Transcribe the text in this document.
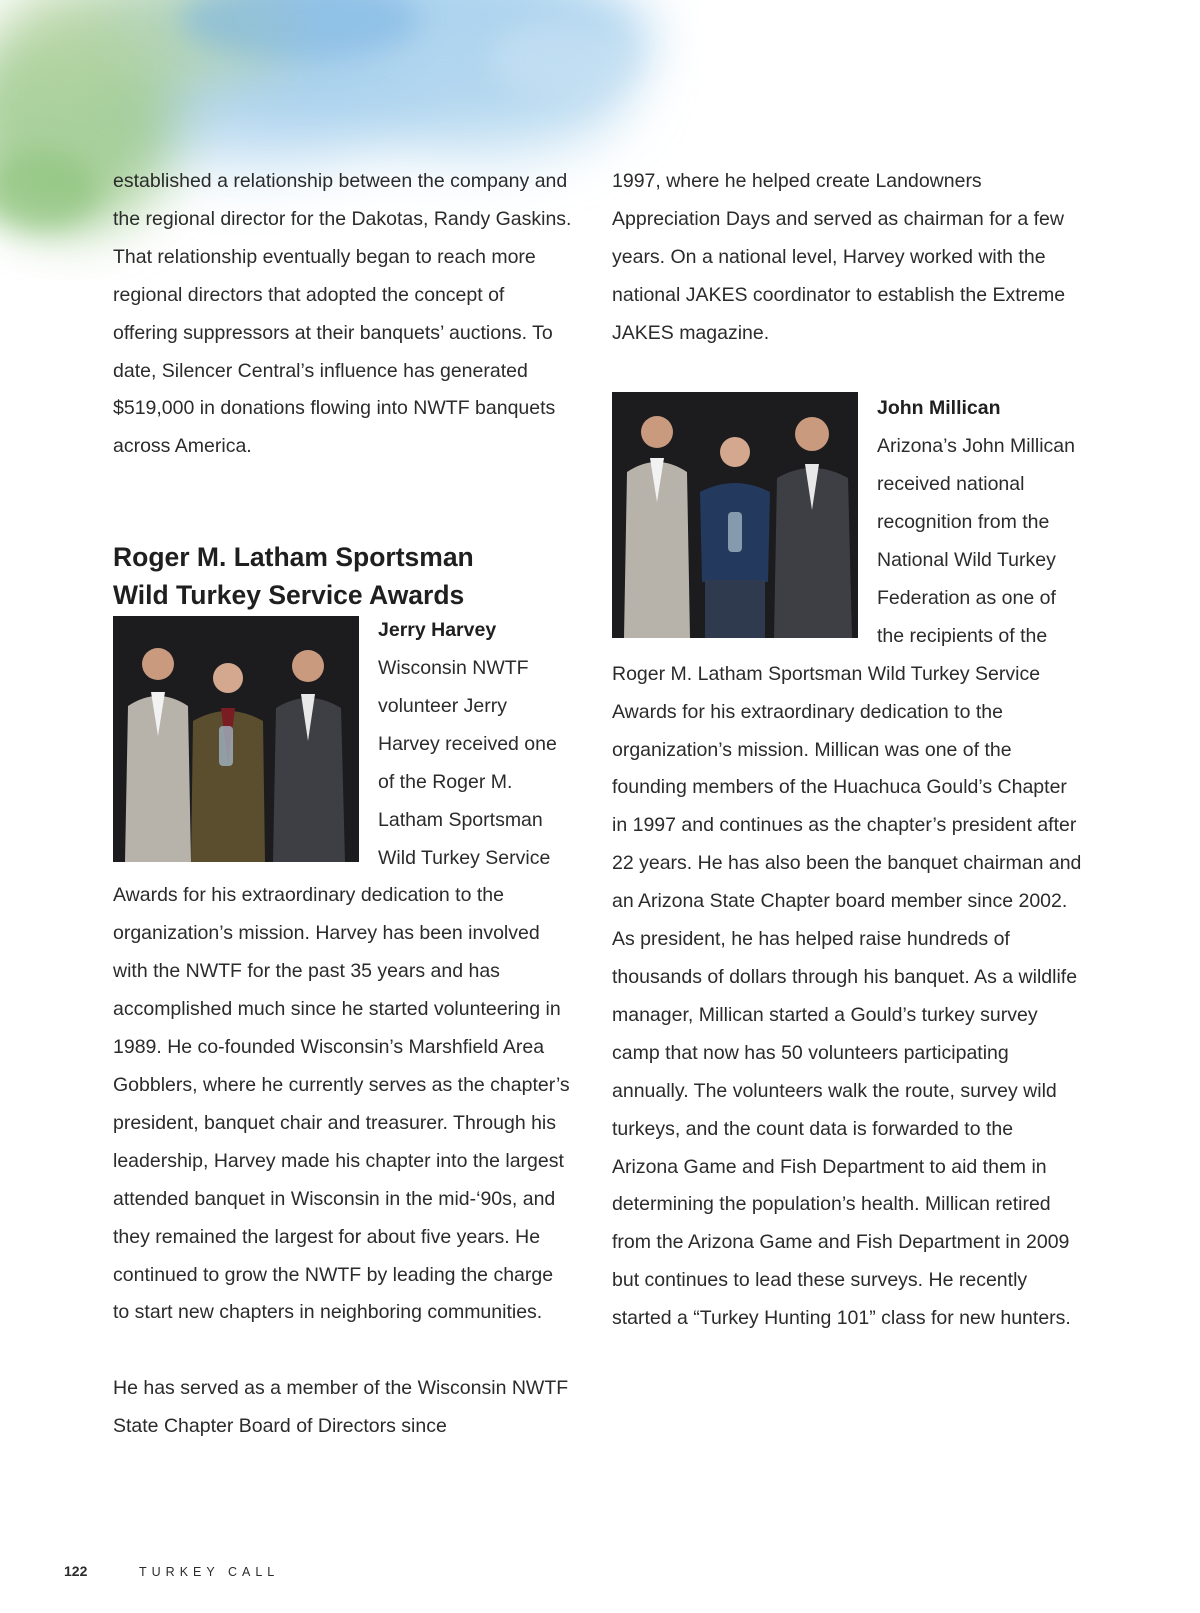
established a relationship between the company and the regional director for the Dakotas, Randy Gaskins. That relationship eventually began to reach more regional directors that adopted the concept of offering suppressors at their banquets’ auctions. To date, Silencer Central’s influence has generated $519,000 in donations flowing into NWTF banquets across America.

Roger M. Latham Sportsman
Wild Turkey Service Awards

Jerry Harvey
Wisconsin NWTF volunteer Jerry Harvey received one of the Roger M. Latham Sportsman Wild Turkey Service Awards for his extraordinary dedication to the organization’s mission. Harvey has been involved with the NWTF for the past 35 years and has accomplished much since he started volunteering in 1989. He co-founded Wisconsin’s Marshfield Area Gobblers, where he currently serves as the chapter’s president, banquet chair and treasurer. Through his leadership, Harvey made his chapter into the largest attended banquet in Wisconsin in the mid-‘90s, and they remained the largest for about five years. He continued to grow the NWTF by leading the charge to start new chapters in neighboring communities.

He has served as a member of the Wisconsin NWTF State Chapter Board of Directors since

1997, where he helped create Landowners Appreciation Days and served as chairman for a few years. On a national level, Harvey worked with the national JAKES coordinator to establish the Extreme JAKES magazine.

John Millican
Arizona’s John Millican received national recognition from the National Wild Turkey Federation as one of the recipients of the Roger M. Latham Sportsman Wild Turkey Service Awards for his extraordinary dedication to the organization’s mission. Millican was one of the founding members of the Huachuca Gould’s Chapter in 1997 and continues as the chapter’s president after 22 years. He has also been the banquet chairman and an Arizona State Chapter board member since 2002. As president, he has helped raise hundreds of thousands of dollars through his banquet. As a wildlife manager, Millican started a Gould’s turkey survey camp that now has 50 volunteers participating annually. The volunteers walk the route, survey wild turkeys, and the count data is forwarded to the Arizona Game and Fish Department to aid them in determining the population’s health. Millican retired from the Arizona Game and Fish Department in 2009 but continues to lead these surveys. He recently started a “Turkey Hunting 101” class for new hunters.

122	TURKEY CALL
